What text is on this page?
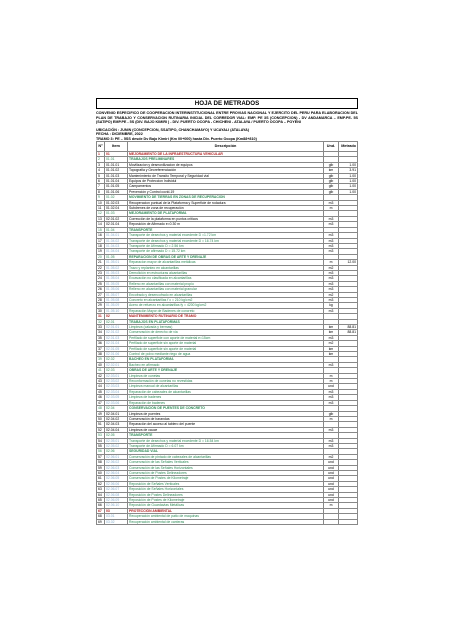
HOJA DE METRADOS
CONVENIO ESPECIFICO DE COOPERACION INTERINSTITUCIONAL ENTRE PROVIAS NACIONAL Y EJERCITO DEL PERU PARA ELABORACION DEL PLAN DE TRABAJO Y CONSERVACION RUTINARIA INICIAL DEL CORREDOR VIAL: EMP. PE 3S (CONCEPCION) - DV ANDAMARCA – EMP.PE- 5S (SATIPO) EMP.PE - 5S (DIV. BAJO KIMIRI ) - DIV. PUERTO OCOPA - CHICHENI - ATALAYA / PUERTO OCOPA – POYENI
UBICACIÓN : JUNIN (CONCEPCION, SSATIPO, CHANCHAMAYO) Y UCAYALI (ATALAYA)
FECHA : DICIEMBRE, 2022
TRAMO 3: PE – 5SS desde Dv Bajo Kimiri (Km 00+000) hasta Div. Puerto Ocopa (Km88+810)
N°	Item	Descripción	Und.	Metrado
1	01	MEJORAMIENTO DE LA INFRAESTRUCTURA VEHICULAR		
2	01.01	TRABAJOS PRELIMINARES		
3	01.01.01	Movilizacion y desmovilizacion de equipos	glb	1.00
4	01.01.02	Topografia y Georeferenciación	km	3.91
5	01.01.03	Mantenimiento de Transito Temporal y Seguridad vial	glb	1.00
6	01.01.04	Equipos de Proteccion Individul	glb	1.00
7	01.01.05	Campamentos	glb	1.00
8	01.01.06	Prevención y Control covid-19	glb	1.00
9	01.02	MOVIMIENTO DE TIERRAS EN ZONAS DE RECUPERACION		
10	01.02.03	Recuperacion puntual de la Plataforma y Superficie de rodadura	m3	
11	01.02.04	Subdrenes de zona de recuperación	m	
12	01.03	MEJORAMIENTO DE PLATAFORMA		
13	02.01.02	Corrección de la plataforma en puntos criticos	m3	
14	02.01.04	Reposición de Afirmado e=0.30 m	m3	
15	01.04	TRANSPORTE		
16	01.04.01	Transporte de desechos y material excedente D =1.72 km	m3	
17	01.04.02	Transporte de desechos y material excedente D = 16.74 km	m3	
18	01.04.03	Transporte de Afirmado D = 2.56 km	m3	
19	01.04.04	Transporte de afirmado D = 15.72 km	m3	
20	01.05	REPARACION DE OBRAS DE ARTE Y DRENAJE		
21	01.05.01	Reparacion mayor de alcantarillas metálicas	m	12.00
22	01.05.02	Trazo y replanteo en alcantarillas	m2	
23	01.05.03	Demolición en estructuras alcantarillas	m3	
24	01.05.04	Excavación no clasificada en alcantarillas	m3	
25	01.05.05	Relleno en alcantarillas con material propio	m3	
26	01.05.06	Relleno en alcantarillas con material granular	m3	
27	01.05.07	Encofrado y desencofrado en alcantarillas	m2	
28	01.05.08	Concreto en alcantarillas f´c = 210 kg/cm2	m3	
29	01.05.09	Acero de refuerzo en alcantarillas fy = 4200 kg/cm2	kg	
30	01.05.10	Reparación Mayor de Badenes de concreto	m3	
31	02	MANTENIMIENTO RUTINARIO DE TRAMO		
32	02.01	TRABAJOS EN PLATAFORMAS		
33	02.01.01	Limpieza (calzada y bermas)	km	88.81
34	02.01.02	Conservación de derecho de via	km	88.81
35	02.01.03	Perfilado de superficie con aporte de material e=15cm	m3	
36	02.01.04	Perfilado de superficie sin aporte de material	m2	
37	02.01.05	Perfilado de superficie sin aporte de material	km	
38	02.01.06	Control de polvo mediante riego de agua	km	
39	02.02	BACHEO EN PLATAFORMA		
40	02.02.01	Bacheo en afirmado	m3	
41	02.03	OBRAS DE ARTE Y DRENAJE		
42	02.03.01	Limpieza de cunetas	m	
43	02.03.02	Reconformación de cunetas no revestidas	m	
44	02.03.03	Limpieza manual de alcantarillas	und	
45	02.03.04	Reparación de cabezales de alcantarillas	m3	
46	02.03.05	Limpieza de badenes	m3	
47	02.03.06	Reparación de badenes	m3	
48	02.04	CONSERVACIÓN DE PUENTES DE CONCRETO		
49	02.04.01	Limpieza de puentes	glb	
50	02.04.02	Conservación de barandas	m	
51	02.04.03	Reparación del acceso al tablero del puente		
52	02.04.04	Limpieza de cauce	m3	
53	02.05	TRANSPORTE		
54	02.05.01	Transporte de desechos y material excedente D = 16.54 km	m3	
55	02.05.02	Transporte de Afirmado D = 6.07 km	m3	
56	02.06	SEGURIDAD VIAL		
57	02.06.01	Conservación de pintado de cabezales de alcantarillas	m2	
58	02.06.02	Conservación de las Señales Verticales	und	
59	02.06.03	Conservación de las Señales Horizontales	und	
60	02.06.04	Conservación de Postes Delineadores	und	
61	02.06.05	Conservación de Postes de Kilometraje	und	
62	02.06.06	Reposición de Señales Verticales	und	
63	02.06.07	Reposición de Señales Horizontales	und	
64	02.06.08	Reposición de Postes Delineadores	und	
65	02.06.09	Reposición de Postes de Kilometraje	und	
66	02.06.10	Reposición de Guardavias Metálicas	m	
67	03	PROTECCIÓN AMBIENTAL		
68	03.01	Recuperación ambiental de patio de maquinas		
69	03.02	Recuperación ambiental de canteras		
